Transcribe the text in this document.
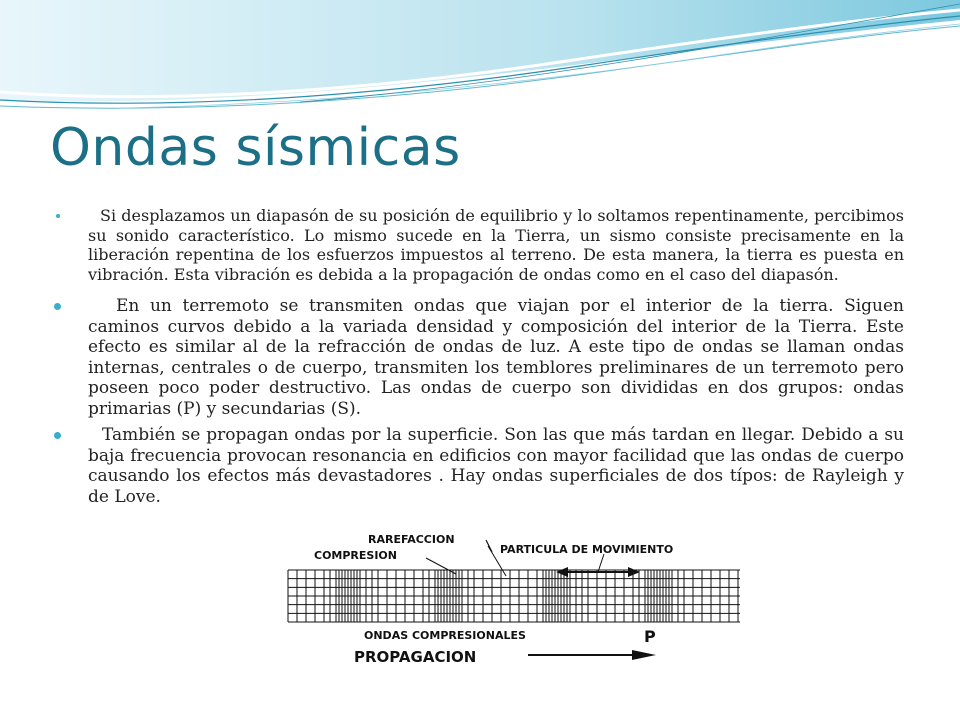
Ondas sísmicas
Si desplazamos un diapasón de su posición de equilibrio y lo soltamos repentinamente, percibimos su sonido característico. Lo mismo sucede en la Tierra, un sismo consiste precisamente en la liberación repentina de los esfuerzos impuestos al terreno. De esta manera, la tierra es puesta en vibración. Esta vibración es debida a la propagación de ondas como en el caso del diapasón.
En un terremoto se transmiten ondas que viajan por el interior de la tierra. Siguen caminos curvos debido a la variada densidad y composición del interior de la Tierra. Este efecto es similar al de la refracción de ondas de luz. A este tipo de ondas se llaman ondas internas, centrales o de cuerpo, transmiten los temblores preliminares de un terremoto pero poseen poco poder destructivo. Las ondas de cuerpo son divididas en dos grupos: ondas primarias (P) y secundarias (S).
También se propagan ondas por la superficie. Son las que más tardan en llegar. Debido a su baja frecuencia provocan resonancia en edificios con mayor facilidad que las ondas de cuerpo causando los efectos más devastadores . Hay ondas superficiales de dos típos: de Rayleigh y de Love.
RAREFACCION
COMPRESION	PARTICULA DE MOVIMIENTO
ONDAS COMPRESIONALES	P
PROPAGACION
